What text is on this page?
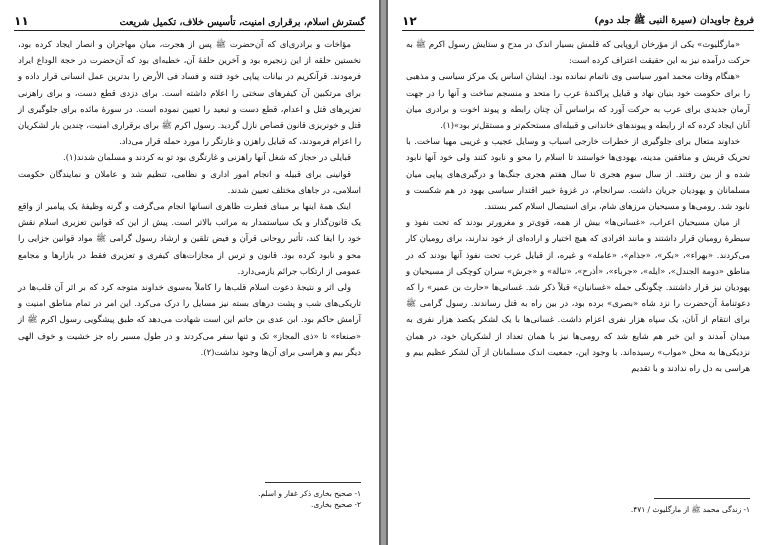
گسترش اسلام، برقراری امنیت، تأسیس خلاف، تکمیل شریعت
۱۱

مؤاخات و برادری‌ای که آن‌حضرت ﷺ پس از هجرت، میان مهاجران و انصار ایجاد کرده بود، نخستین حلقه از این زنجیره بود و آخرین حلقهٔ آن، خطبه‌ای بود که آن‌حضرت در حجة الوداع ایراد فرمودند. قرآنکریم در بیانات پیاپی خود فتنه و فساد فی الأرض را بدترین عمل انسانی قرار داده و برای مرتکبین آن کیفرهای سختی را اعلام داشته است. برای دزدی قطع دست، و برای راهزنی تعزیرهای قتل و اعدام، قطع دست و تبعید را تعیین نموده است. در سورهٔ مائده برای جلوگیری از قتل و خونریزی قانون قصاص نازل گردید. رسول اکرم ﷺ برای برقراری امنیت، چندین بار لشکریان را اعزام فرمودند، که قبایل راهزن و غارتگر را مورد حمله قرار می‌داد.

قبایلی در حجاز که شغل آنها راهزنی و غارتگری بود تو به کردند و مسلمان شدند(۱).

قوانینی برای قبیله و انجام امور اداری و نظامی، تنظیم شد و عاملان و نمایندگان حکومت اسلامی، در جاهای مختلف تعیین شدند.

اینک همهٔ اینها بر مبنای فطرت ظاهری انسانها انجام می‌گرفت و گرنه وظیفهٔ یک پیامبر از واقع یک قانون‌گذار و یک سیاستمدار به مراتب بالاتر است. پیش از این که قوانین تعزیری اسلام نقش خود را ایفا کند، تأثیر روحانی قرآن و فیض تلقین و ارشاد رسول گرامی ﷺ مواد قوانین جزایی را محو و نابود کرده بود. قانون و ترس از مجازات‌های کیفری و تعزیری فقط در بازارها و مجامع عمومی از ارتکاب جرائم بازمی‌دارد.

ولی اثر و نتیجهٔ دعوت اسلام قلب‌ها را کاملاً به‌سوی خداوند متوجه کرد که بر اثر آن قلب‌ها در تاریکی‌های شب و پشت درهای بسته نیز مسایل را درک می‌کرد. این امر در تمام مناطق امنیت و آرامش حاکم بود. ابن عدی بن حاتم این است شهادت می‌دهد که طبق پیشگویی رسول اکرم ﷺ از «صنعاء» تا «ذی المجاز» تک و تنها سفر می‌کردند و در طول مسیر راه جز خشیت و خوف الهی دیگر بیم و هراسی برای آن‌ها وجود نداشت(۲).

۱- صحیح بخاری ذکر غفار و اسلم.
۲- صحیح بخاری.
فروغ جاویدان (سیرة النبی ﷺ جلد دوم)
۱۲

«مارگلیوث» یکی از مؤرخان اروپایی که قلمش بسیار اندک در مدح و ستایش رسول اکرم ﷺ به حرکت درآمده نیز به این حقیقت اعتراف کرده است:

«هنگام وفات محمد امور سیاسی وی ناتمام نمانده بود. ایشان اساس یک مرکز سیاسی و مذهبی را برای حکومت خود بنیان نهاد و قبایل پراکندهٔ عرب را متحد و منسجم ساخت و آنها را در جهت آرمان جدیدی برای عرب به حرکت آورد که براساس آن چنان رابطه و پیوند اخوت و برادری میان آنان ایجاد کرده که از رابطه و پیوندهای خاندانی و قبیله‌ای مستحکم‌تر و مستقل‌تر بود»(۱).

خداوند متعال برای جلوگیری از خطرات خارجی اسباب و وسایل عجیب و غریبی مهیا ساخت. با تحریک قریش و منافقین مدینه، یهودی‌ها خواستند تا اسلام را محو و نابود کنند ولی خود آنها نابود شده و از بین رفتند. از سال سوم هجری تا سال هفتم هجری جنگ‌ها و درگیری‌های پیاپی میان مسلمانان و یهودیان جریان داشت. سرانجام، در غزوهٔ خیبر اقتدار سیاسی یهود در هم شکست و نابود شد. رومی‌ها و مسیحیان مرزهای شام، برای استیصال اسلام کمر بستند.

از میان مسیحیان اعراب، «غسانی‌ها» بیش از همه، قوی‌تر و مغرورتر بودند که تحت نفوذ و سیطرهٔ رومیان قرار داشتند و مانند افرادی که هیچ اختیار و اراده‌ای از خود ندارند، برای رومیان کار می‌کردند. «بهراء»، «بکر»، «جذام»، «عامله» و غیره، از قبایل عرب تحت نفوذ آنها بودند که در مناطق «دومة الجندل»، «ایله»، «جرباء»، «أذرح»، «تبالة» و «جرش» سران کوچکی از مسیحیان و یهودیان نیز قرار داشتند. چگونگی حمله «غسانیان» قبلاً ذکر شد. غسانی‌ها «حارث بن عمیر» را که دعوتنامهٔ آن‌حضرت را نزد شاه «بصری» برده بود، در بین راه به قتل رساندند. رسول گرامی ﷺ برای انتقام از آنان، یک سپاه هزار نفری اعزام داشت. غسانی‌ها با یک لشکر یکصد هزار نفری به میدان آمدند و این خبر هم شایع شد که رومی‌ها نیز با همان تعداد از لشکریان خود، در همان نزدیکی‌ها به محل «مواب» رسیده‌اند. با وجود این، جمعیت اندک مسلمانان از آن لشکر عظیم بیم و هراسی به دل راه ندادند و با تقدیم

۱- زندگی محمد ﷺ از مارگلیوث / ۴۷۱.
